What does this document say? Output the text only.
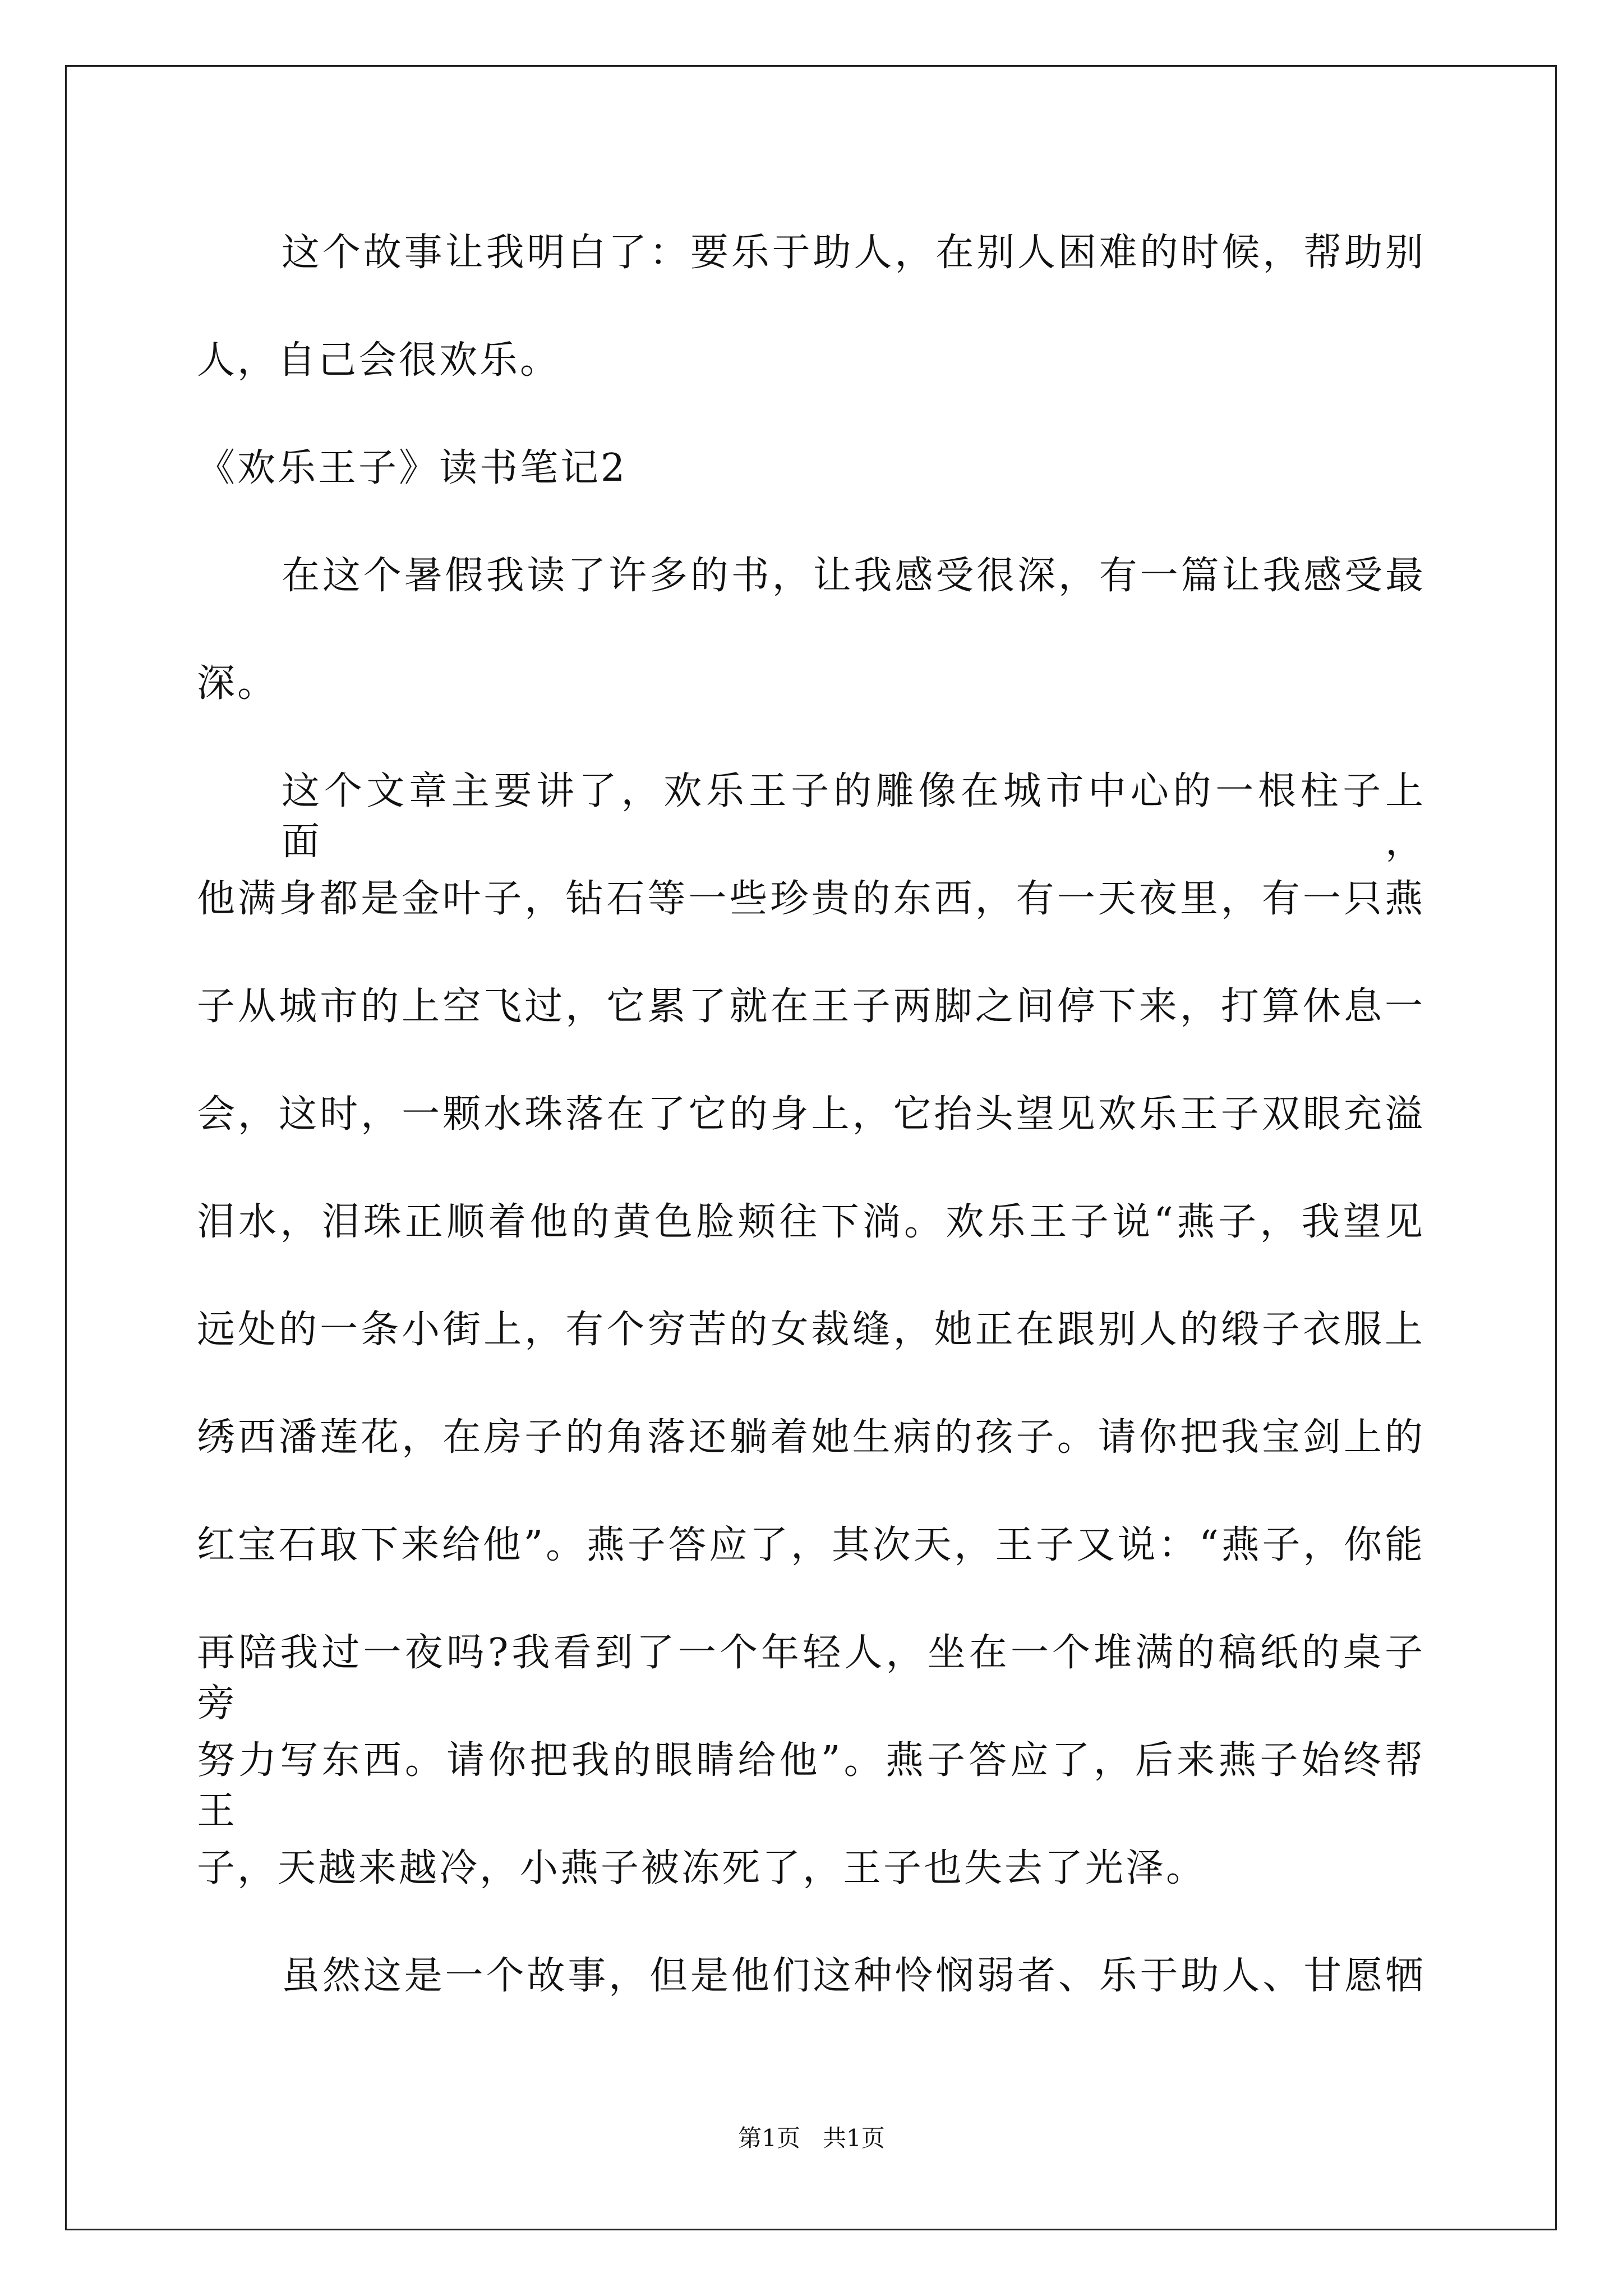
这个故事让我明白了：要乐于助人，在别人困难的时候，帮助别
人，自己会很欢乐。
《欢乐王子》读书笔记2
在这个暑假我读了许多的书，让我感受很深，有一篇让我感受最
深。
这个文章主要讲了，欢乐王子的雕像在城市中心的一根柱子上面，
他满身都是金叶子，钻石等一些珍贵的东西，有一天夜里，有一只燕
子从城市的上空飞过，它累了就在王子两脚之间停下来，打算休息一
会，这时，一颗水珠落在了它的身上，它抬头望见欢乐王子双眼充溢
泪水，泪珠正顺着他的黄色脸颊往下淌。欢乐王子说“燕子，我望见
远处的一条小街上，有个穷苦的女裁缝，她正在跟别人的缎子衣服上
绣西潘莲花，在房子的角落还躺着她生病的孩子。请你把我宝剑上的
红宝石取下来给他”。燕子答应了，其次天，王子又说：“燕子，你能
再陪我过一夜吗?我看到了一个年轻人，坐在一个堆满的稿纸的桌子旁
努力写东西。请你把我的眼睛给他”。燕子答应了，后来燕子始终帮王
子，天越来越冷，小燕子被冻死了，王子也失去了光泽。
虽然这是一个故事，但是他们这种怜悯弱者、乐于助人、甘愿牺
第1页   共1页
